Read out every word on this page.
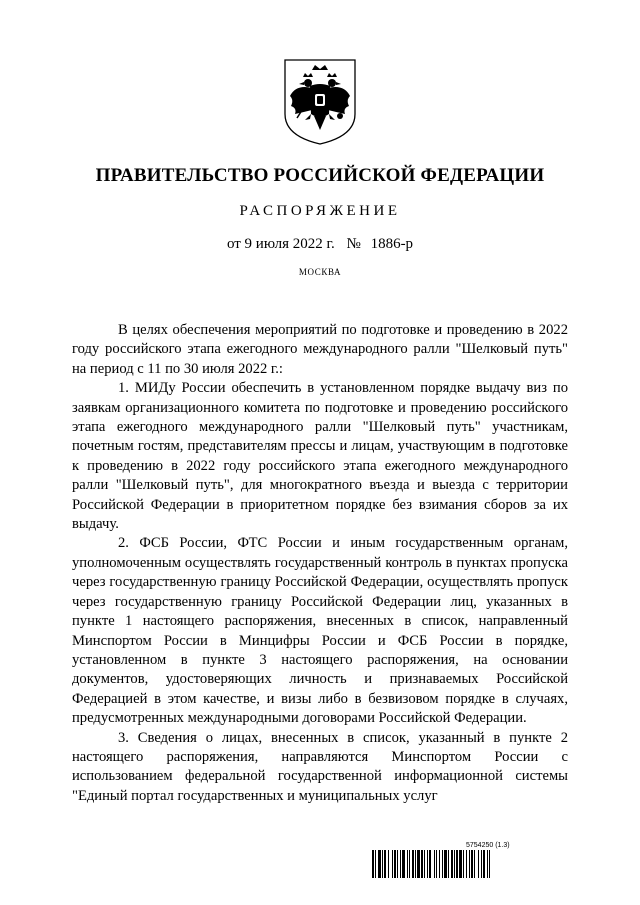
ПРАВИТЕЛЬСТВО РОССИЙСКОЙ ФЕДЕРАЦИИ
РАСПОРЯЖЕНИЕ
от 9 июля 2022 г. № 1886-р
МОСКВА

В целях обеспечения мероприятий по подготовке и проведению в 2022 году российского этапа ежегодного международного ралли "Шелковый путь" на период с 11 по 30 июля 2022 г.:

1. МИДу России обеспечить в установленном порядке выдачу виз по заявкам организационного комитета по подготовке и проведению российского этапа ежегодного международного ралли "Шелковый путь" участникам, почетным гостям, представителям прессы и лицам, участвующим в подготовке к проведению в 2022 году российского этапа ежегодного международного ралли "Шелковый путь", для многократного въезда и выезда с территории Российской Федерации в приоритетном порядке без взимания сборов за их выдачу.

2. ФСБ России, ФТС России и иным государственным органам, уполномоченным осуществлять государственный контроль в пунктах пропуска через государственную границу Российской Федерации, осуществлять пропуск через государственную границу Российской Федерации лиц, указанных в пункте 1 настоящего распоряжения, внесенных в список, направленный Минспортом России в Минцифры России и ФСБ России в порядке, установленном в пункте 3 настоящего распоряжения, на основании документов, удостоверяющих личность и признаваемых Российской Федерацией в этом качестве, и визы либо в безвизовом порядке в случаях, предусмотренных международными договорами Российской Федерации.

3. Сведения о лицах, внесенных в список, указанный в пункте 2 настоящего распоряжения, направляются Минспортом России с использованием федеральной государственной информационной системы "Единый портал государственных и муниципальных услуг

5754250 (1.3)
